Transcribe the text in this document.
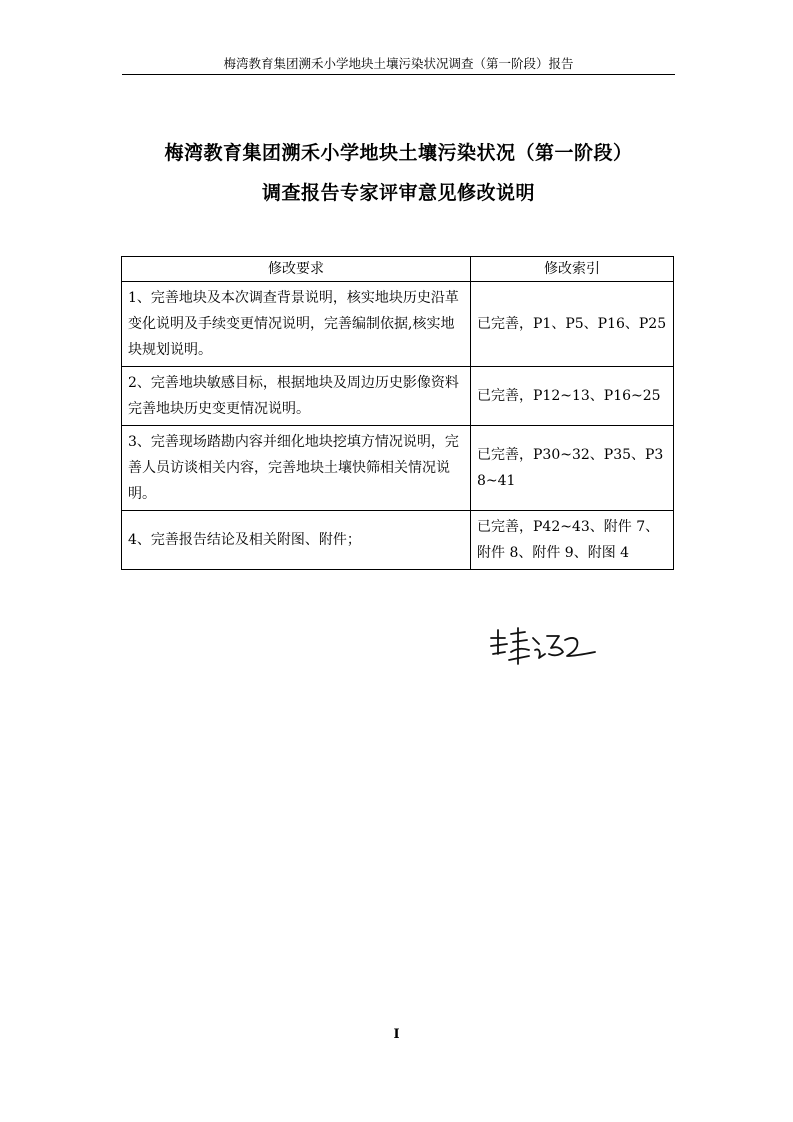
梅湾教育集团溯禾小学地块土壤污染状况调查（第一阶段）报告
梅湾教育集团溯禾小学地块土壤污染状况（第一阶段）
调查报告专家评审意见修改说明
修改要求	修改索引
1、完善地块及本次调查背景说明，核实地块历史沿革变化说明及手续变更情况说明，完善编制依据,核实地块规划说明。	已完善，P1、P5、P16、P25
2、完善地块敏感目标，根据地块及周边历史影像资料完善地块历史变更情况说明。	已完善，P12~13、P16~25
3、完善现场踏勘内容并细化地块挖填方情况说明，完善人员访谈相关内容，完善地块土壤快筛相关情况说明。	已完善，P30~32、P35、P38~41
4、完善报告结论及相关附图、附件；	已完善，P42~43、附件 7、附件 8、附件 9、附图 4
I
